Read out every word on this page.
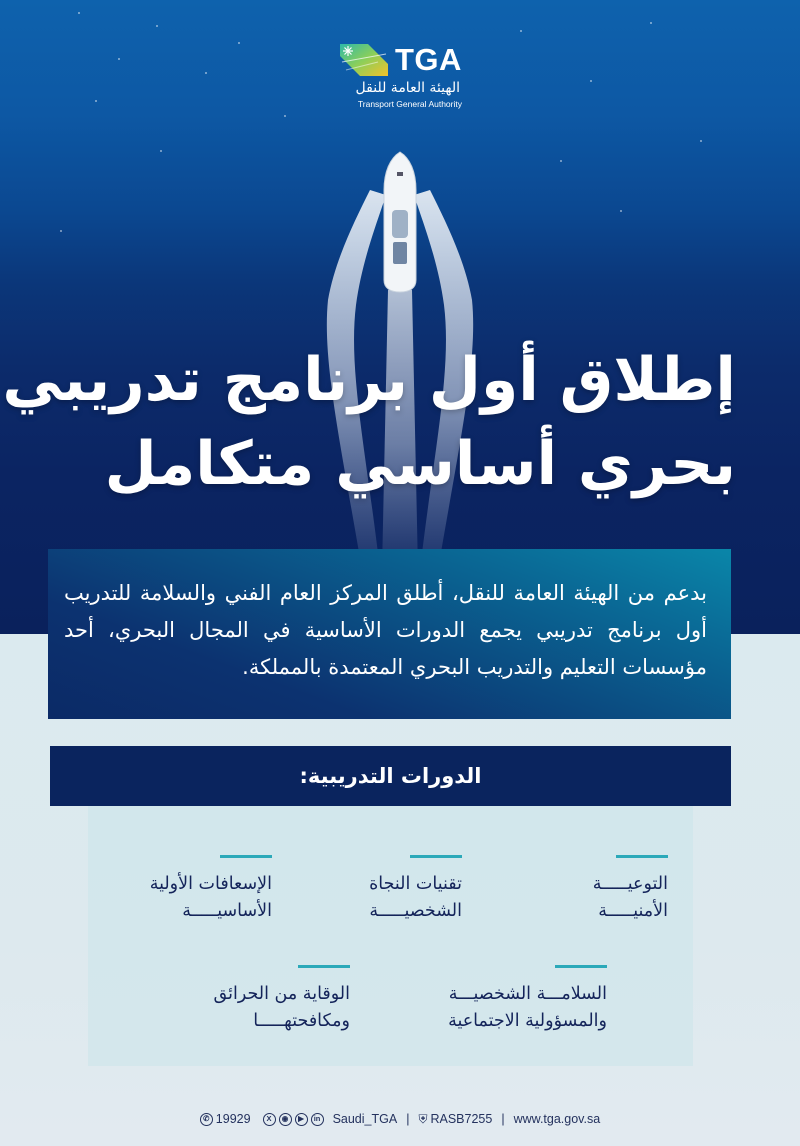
TGA
الهيئة العامة للنقل
Transport General Authority
إطلاق أول برنامج تدريبي
بحري أساسي متكامل

بدعم من الهيئة العامة للنقل، أطلق المركز العام الفني والسلامة للتدريب أول برنامج تدريبي يجمع الدورات الأساسية في المجال البحري، أحد مؤسسات التعليم والتدريب البحري المعتمدة بالمملكة.

الدورات التدريبية:
التوعيـــــة
الأمنيـــــة
تقنيات النجاة
الشخصيـــــة
الإسعافات الأولية
الأساسيـــــة
السلامـــة الشخصيـــة
والمسؤولية الاجتماعية
الوقاية من الحرائق
ومكافحتهـــــا
✆ 19929	X	◉	▶	in Saudi_TGA | ⛨ RASB7255 | www.tga.gov.sa
